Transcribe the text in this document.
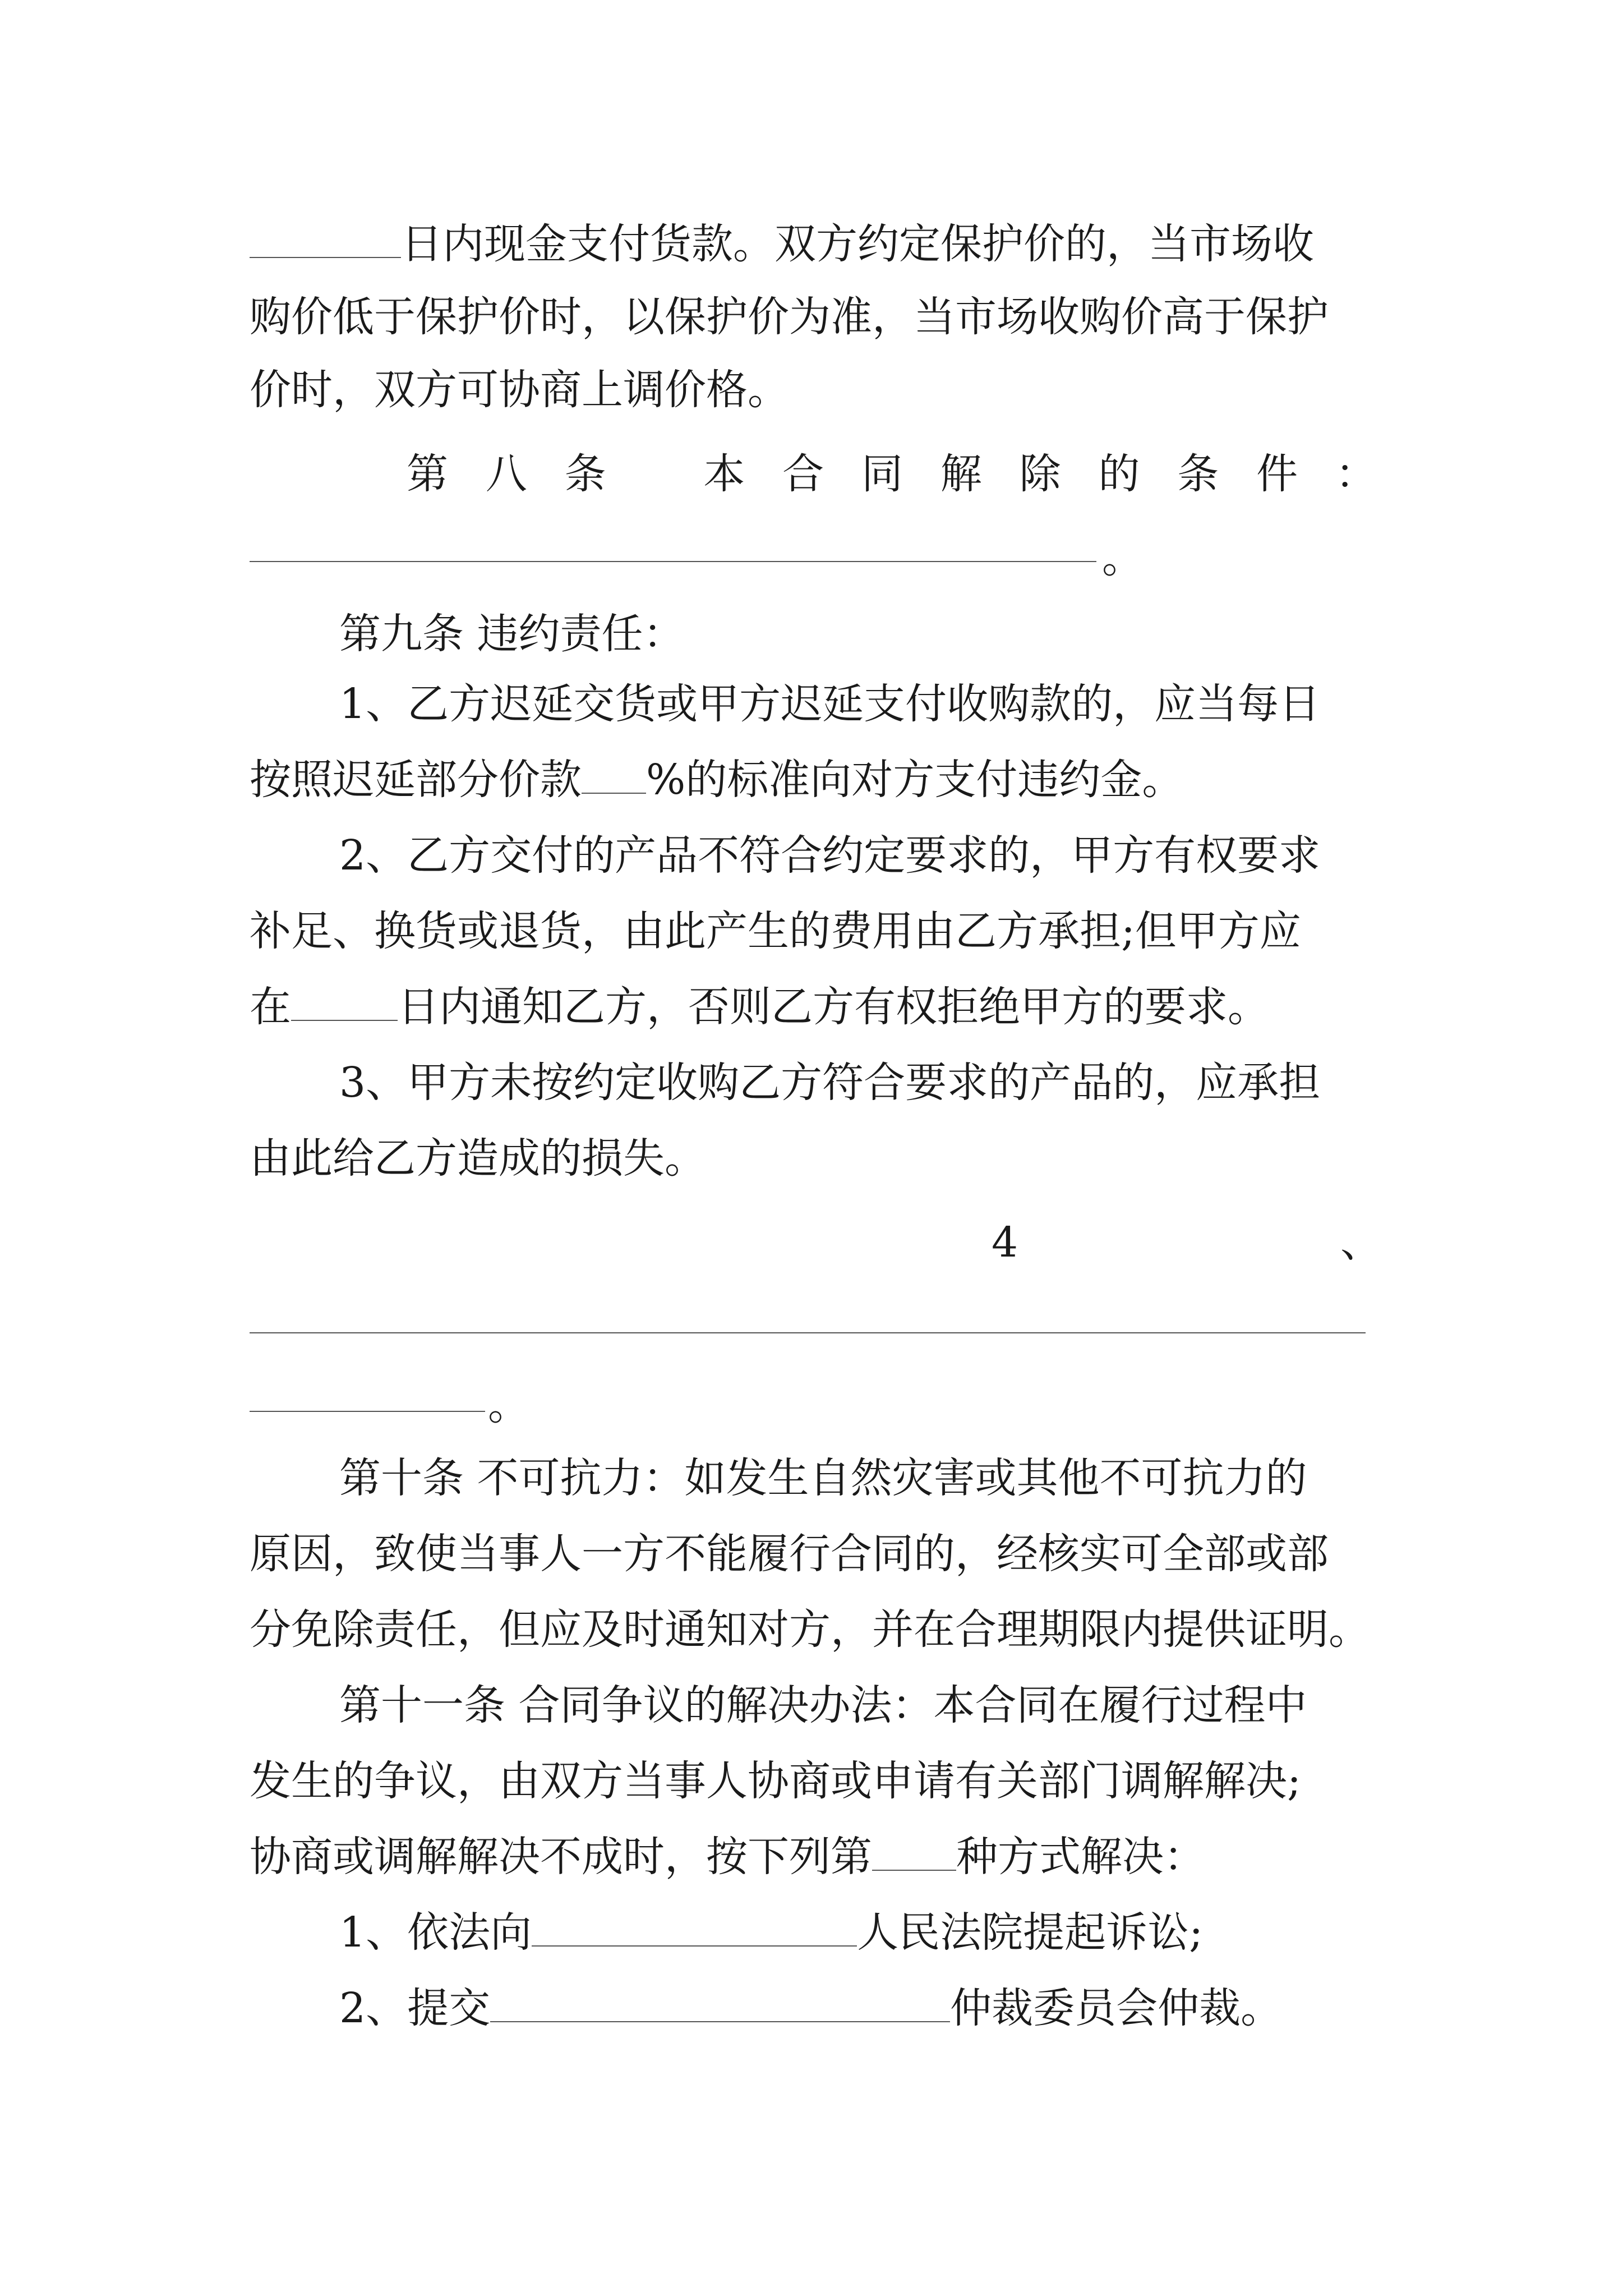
日内现金支付货款。双方约定保护价的，当市场收
购价低于保护价时，以保护价为准，当市场收购价高于保护
价时，双方可协商上调价格。
第 八 条 本 合 同 解 除 的 条 件 ：
。
第九条 违约责任：
1、乙方迟延交货或甲方迟延支付收购款的，应当每日
按照迟延部分价款 %的标准向对方支付违约金。
2、乙方交付的产品不符合约定要求的，甲方有权要求
补足、换货或退货，由此产生的费用由乙方承担;但甲方应
在	日内通知乙方，否则乙方有权拒绝甲方的要求。
3、甲方未按约定收购乙方符合要求的产品的，应承担
由此给乙方造成的损失。
4	、
。
第十条 不可抗力：如发生自然灾害或其他不可抗力的
原因，致使当事人一方不能履行合同的，经核实可全部或部
分免除责任，但应及时通知对方，并在合理期限内提供证明。
第十一条 合同争议的解决办法：本合同在履行过程中
发生的争议，由双方当事人协商或申请有关部门调解解决;
协商或调解解决不成时，按下列第 种方式解决：
1、依法向	人民法院提起诉讼;
2、提交	仲裁委员会仲裁。
